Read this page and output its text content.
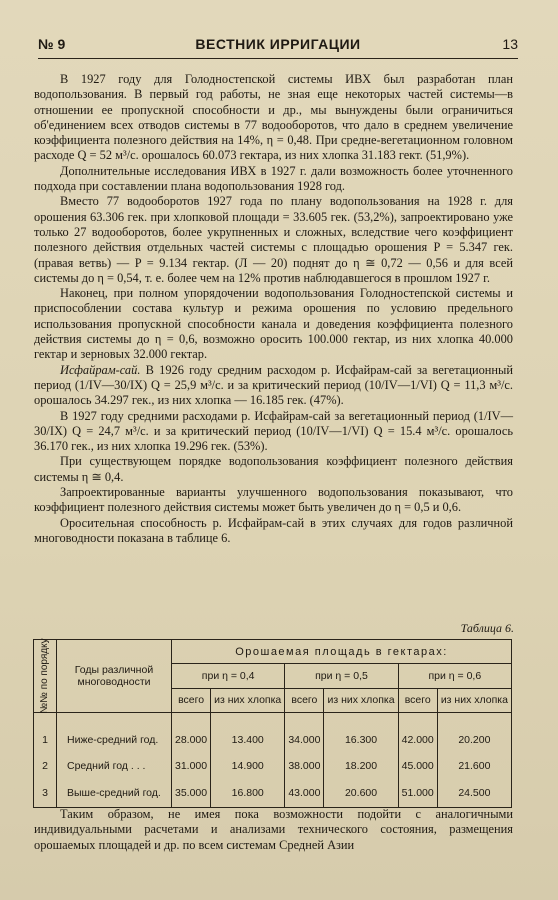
№ 9	ВЕСТНИК ИРРИГАЦИИ	13

В 1927 году для Голодностепской системы ИВХ был разработан план водопользования. В первый год работы, не зная еще некоторых частей системы—в отношении ее пропускной способности и др., мы вынуждены были ограничиться об'единением всех отводов системы в 77 водооборотов, что дало в среднем увеличение коэффициента полезного действия на 14%, η = 0,48. При средне-вегетационном головном расходе Q = 52 м³/с. орошалось 60.073 гектара, из них хлопка 31.183 гект. (51,9%).

Дополнительные исследования ИВХ в 1927 г. дали возможность более уточненного подхода при составлении плана водопользования 1928 год.

Вместо 77 водооборотов 1927 года по плану водопользования на 1928 г. для орошения 63.306 гек. при хлопковой площади = 33.605 гек. (53,2%), запроектировано уже только 27 водооборотов, более укрупненных и сложных, вследствие чего коэффициент полезного действия отдельных частей системы с площадью орошения P = 5.347 гек. (правая ветвь) — P = 9.134 гектар. (Л — 20) поднят до η ≅ 0,72 — 0,56 и для всей системы до η = 0,54, т. е. более чем на 12% против наблюдавшегося в прошлом 1927 г.

Наконец, при полном упорядочении водопользования Голодностепской системы и приспособлении состава культур и режима орошения по условию предельного использования пропускной способности канала и доведения коэффициента полезного действия системы до η = 0,6, возможно оросить 100.000 гектар, из них хлопка 40.000 гектар и зерновых 32.000 гектар.

Исфайрам-сай. В 1926 году средним расходом р. Исфайрам-сай за вегетационный период (1/IV—30/IX) Q = 25,9 м³/с. и за критический период (10/IV—1/VI) Q = 11,3 м³/с. орошалось 34.297 гек., из них хлопка — 16.185 гек. (47%).

В 1927 году средними расходами р. Исфайрам-сай за вегетационный период (1/IV—30/IX) Q = 24,7 м³/с. и за критический период (10/IV—1/VI) Q = 15.4 м³/с. орошалось 36.170 гек., из них хлопка 19.296 гек. (53%).

При существующем порядке водопользования коэффициент полезного действия системы η ≅ 0,4.

Запроектированные варианты улучшенного водопользования показывают, что коэффициент полезного действия системы может быть увеличен до η = 0,5 и 0,6.

Оросительная способность р. Исфайрам-сай в этих случаях для годов различной многоводности показана в таблице 6.

Таблица 6.
№№ по порядку	Годы различной многоводности	Орошаемая площадь в гектарах:					
		при η = 0,4		при η = 0,5		при η = 0,6	
		всего	из них хлопка	всего	из них хлопка	всего	из них хлопка

1	Ниже-средний год.	28.000	13.400	34.000	16.300	42.000	20.200
2	Средний год . . .	31.000	14.900	38.000	18.200	45.000	21.600
3	Выше-средний год.	35.000	16.800	43.000	20.600	51.000	24.500

Таким образом, не имея пока возможности подойти с аналогичными индивидуальными расчетами и анализами технического состояния, размещения орошаемых площадей и др. по всем системам Средней Азии
